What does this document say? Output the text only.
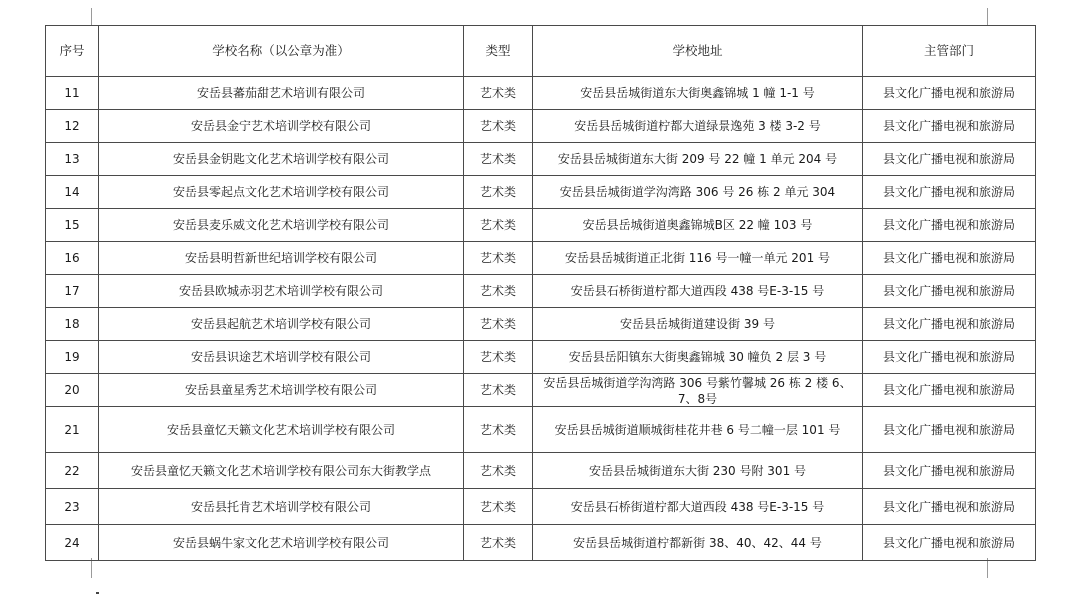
序号	学校名称（以公章为准）	类型	学校地址	主管部门
11	安岳县蕃茄甜艺术培训有限公司	艺术类	安岳县岳城街道东大街奥鑫锦城 1 幢 1-1 号	县文化广播电视和旅游局
12	安岳县金宁艺术培训学校有限公司	艺术类	安岳县岳城街道柠都大道绿景逸苑 3 楼 3-2 号	县文化广播电视和旅游局
13	安岳县金钥匙文化艺术培训学校有限公司	艺术类	安岳县岳城街道东大街 209 号 22 幢 1 单元 204 号	县文化广播电视和旅游局
14	安岳县零起点文化艺术培训学校有限公司	艺术类	安岳县岳城街道学沟湾路 306 号 26 栋 2 单元 304	县文化广播电视和旅游局
15	安岳县麦乐威文化艺术培训学校有限公司	艺术类	安岳县岳城街道奥鑫锦城B区 22 幢 103 号	县文化广播电视和旅游局
16	安岳县明哲新世纪培训学校有限公司	艺术类	安岳县岳城街道正北街 116 号一幢一单元 201 号	县文化广播电视和旅游局
17	安岳县欧城赤羽艺术培训学校有限公司	艺术类	安岳县石桥街道柠都大道西段 438 号E-3-15 号	县文化广播电视和旅游局
18	安岳县起航艺术培训学校有限公司	艺术类	安岳县岳城街道建设街 39 号	县文化广播电视和旅游局
19	安岳县识途艺术培训学校有限公司	艺术类	安岳县岳阳镇东大街奥鑫锦城 30 幢负 2 层 3 号	县文化广播电视和旅游局
20	安岳县童星秀艺术培训学校有限公司	艺术类	安岳县岳城街道学沟湾路 306 号紫竹馨城 26 栋 2 楼 6、7、8号	县文化广播电视和旅游局
21	安岳县童忆天籁文化艺术培训学校有限公司	艺术类	安岳县岳城街道顺城街桂花井巷 6 号二幢一层 101 号	县文化广播电视和旅游局
22	安岳县童忆天籁文化艺术培训学校有限公司东大街教学点	艺术类	安岳县岳城街道东大街 230 号附 301 号	县文化广播电视和旅游局
23	安岳县托肯艺术培训学校有限公司	艺术类	安岳县石桥街道柠都大道西段 438 号E-3-15 号	县文化广播电视和旅游局
24	安岳县蜗牛家文化艺术培训学校有限公司	艺术类	安岳县岳城街道柠都新街 38、40、42、44 号	县文化广播电视和旅游局
